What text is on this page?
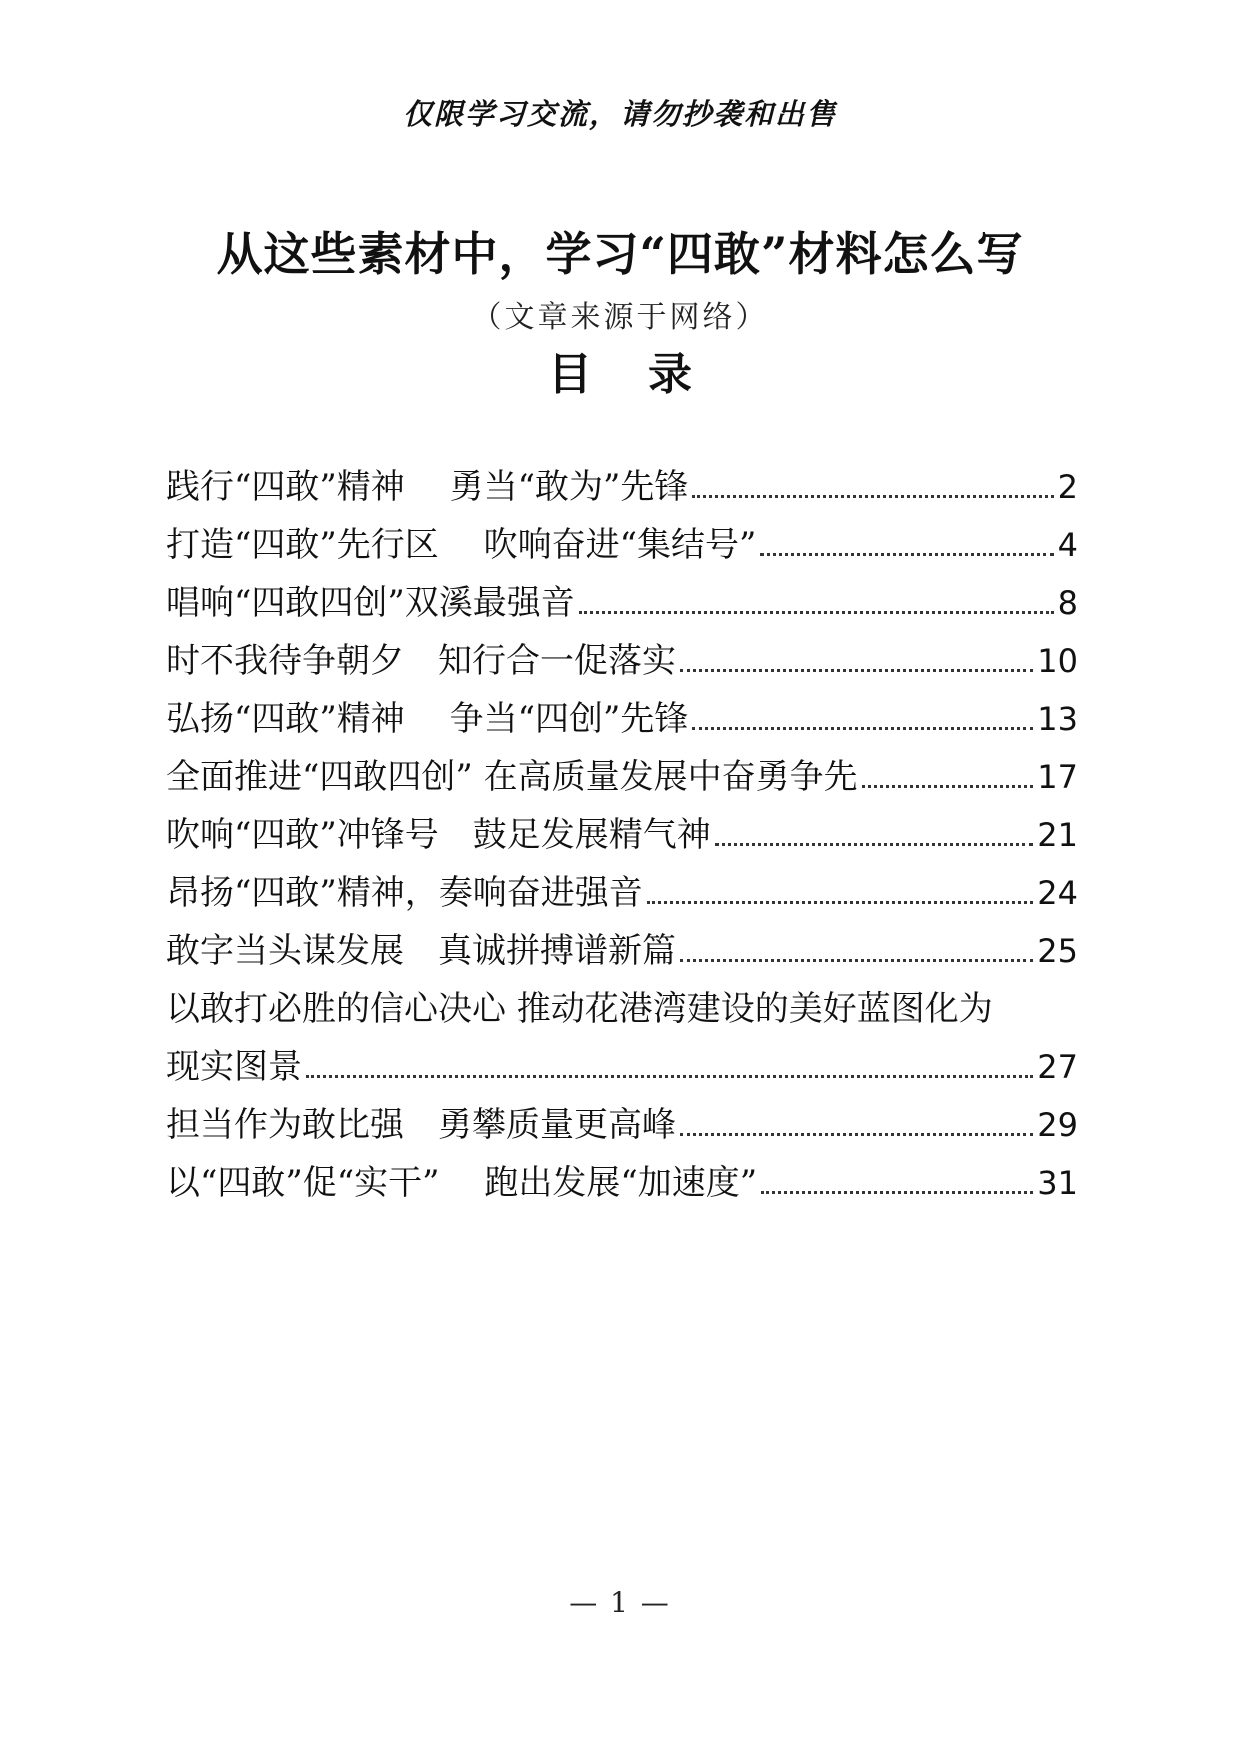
仅限学习交流，请勿抄袭和出售
从这些素材中，学习“四敢”材料怎么写
（文章来源于网络）
目 录
践行“四敢”精神　 勇当“敢为”先锋	2
打造“四敢”先行区　 吹响奋进“集结号”	4
唱响“四敢四创”双溪最强音	8
时不我待争朝夕　知行合一促落实	10
弘扬“四敢”精神　 争当“四创”先锋	13
全面推进“四敢四创” 在高质量发展中奋勇争先	17
吹响“四敢”冲锋号　鼓足发展精气神	21
昂扬“四敢”精神，奏响奋进强音	24
敢字当头谋发展　真诚拼搏谱新篇	25
以敢打必胜的信心决心 推动花港湾建设的美好蓝图化为
现实图景	27
担当作为敢比强　勇攀质量更高峰	29
以“四敢”促“实干”　 跑出发展“加速度”	31
— 1 —
